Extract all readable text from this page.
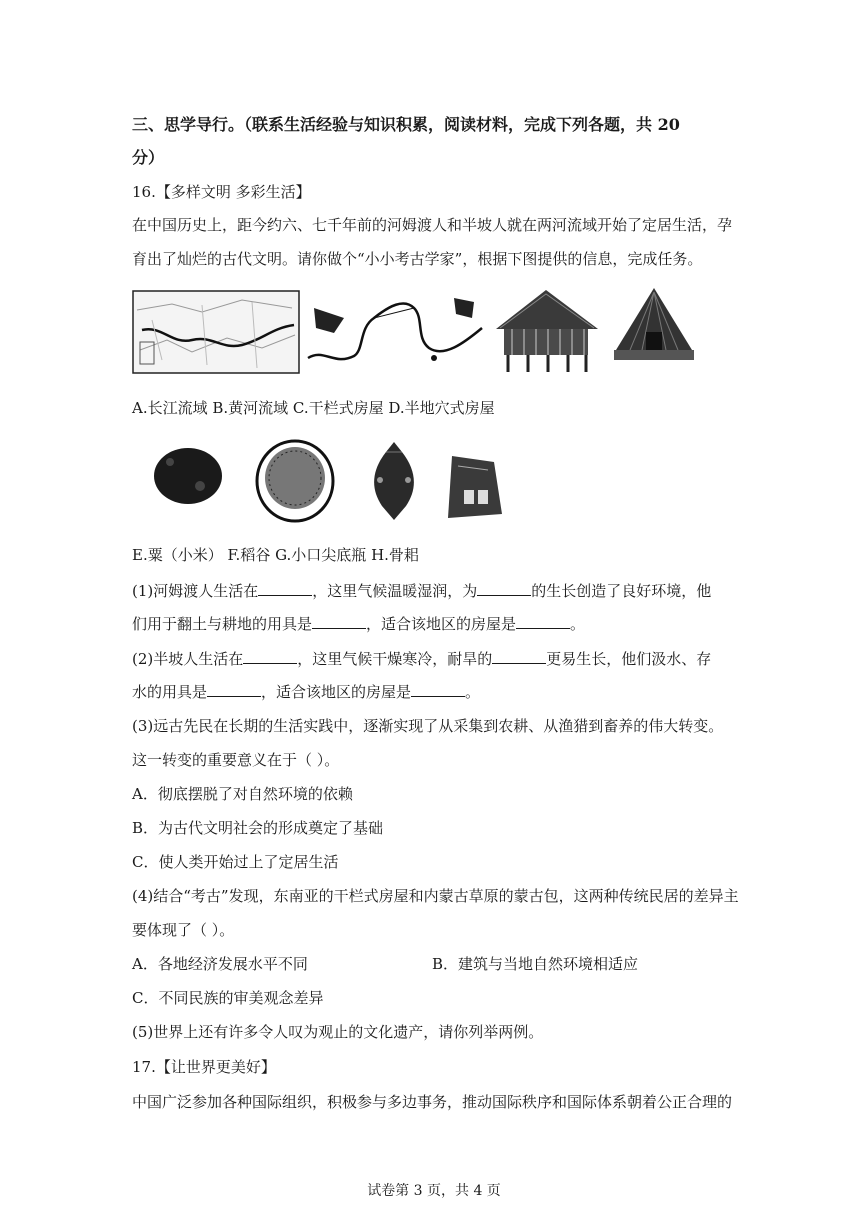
三、思学导行。（联系生活经验与知识积累，阅读材料，完成下列各题，共 20
分）
16.【多样文明 多彩生活】
在中国历史上，距今约六、七千年前的河姆渡人和半坡人就在两河流域开始了定居生活，孕
育出了灿烂的古代文明。请你做个“小小考古学家”，根据下图提供的信息，完成任务。
A.长江流域 B.黄河流域 C.干栏式房屋 D.半地穴式房屋
E.粟（小米） F.稻谷 G.小口尖底瓶 H.骨耜
(1)河姆渡人生活在	，这里气候温暖湿润，为	的生长创造了良好环境，他
们用于翻土与耕地的用具是	，适合该地区的房屋是	。
(2)半坡人生活在	，这里气候干燥寒冷，耐旱的	更易生长，他们汲水、存
水的用具是	，适合该地区的房屋是	。
(3)远古先民在长期的生活实践中，逐渐实现了从采集到农耕、从渔猎到畜养的伟大转变。
这一转变的重要意义在于（ ）。
A．彻底摆脱了对自然环境的依赖
B．为古代文明社会的形成奠定了基础
C．使人类开始过上了定居生活
(4)结合“考古”发现，东南亚的干栏式房屋和内蒙古草原的蒙古包，这两种传统民居的差异主
要体现了（ ）。
A．各地经济发展水平不同	B．建筑与当地自然环境相适应
C．不同民族的审美观念差异
(5)世界上还有许多令人叹为观止的文化遗产，请你列举两例。
17.【让世界更美好】
中国广泛参加各种国际组织，积极参与多边事务，推动国际秩序和国际体系朝着公正合理的
试卷第 3 页，共 4 页
